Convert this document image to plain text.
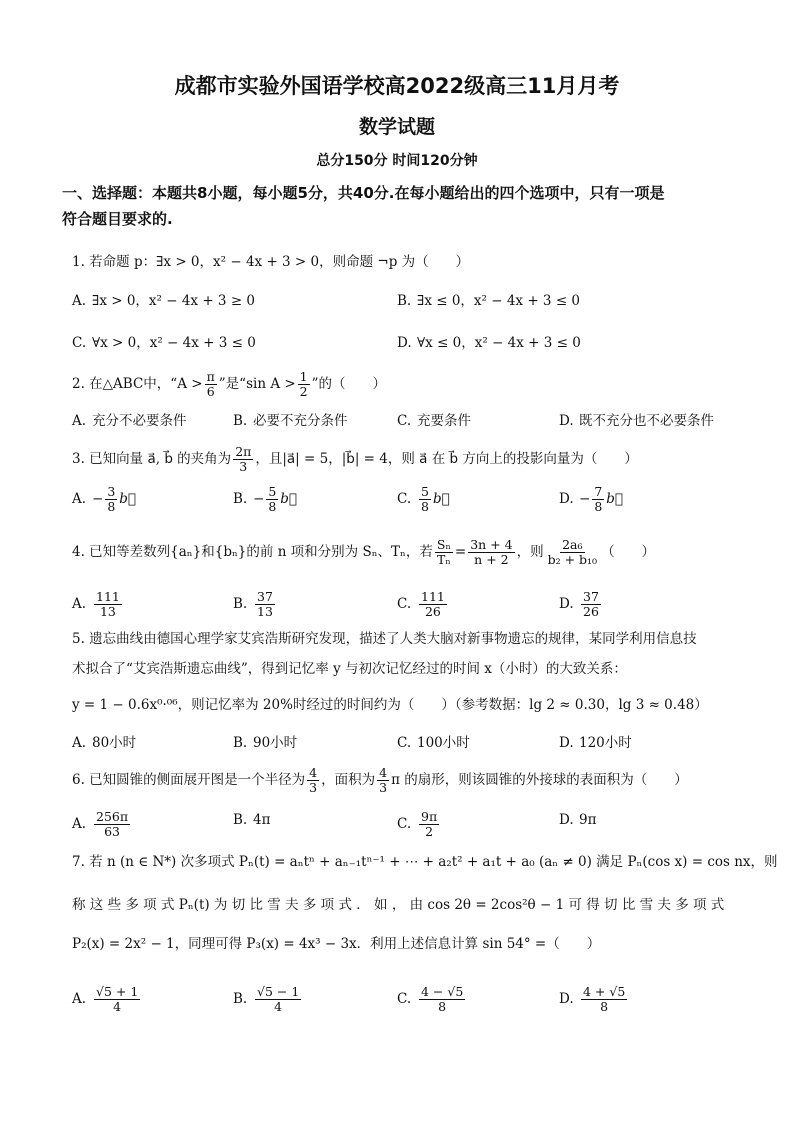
成都市实验外国语学校高2022级高三11月月考
数学试题
总分150分 时间120分钟
一、选择题：本题共8小题，每小题5分，共40分.在每小题给出的四个选项中，只有一项是
符合题目要求的.
1. 若命题 p：∃x > 0，x² − 4x + 3 > 0，则命题 ¬p 为（　　）
A. ∃x > 0，x² − 4x + 3 ≥ 0	B. ∃x ≤ 0，x² − 4x + 3 ≤ 0
C. ∀x > 0，x² − 4x + 3 ≤ 0	D. ∀x ≤ 0，x² − 4x + 3 ≤ 0
2. 在△ABC中，“$A > \frac{\pi}{6}$ ”是“sin $A > \frac{1}{2}$ ”的（　　）
A. 充分不必要条件	B. 必要不充分条件	C. 充要条件	D. 既不充分也不必要条件
3. 已知向量 a⃗, b⃗ 的夹角为 $\frac{2\pi}{3}$ ，且|a⃗| = 5，|b⃗| = 4，则 a⃗ 在 b⃗ 方向上的投影向量为（　　）
A. − $\frac{3}{8}$ b⃗	B. − $\frac{5}{8}$ b⃗	C. $\frac{5}{8}$ b⃗	D. − $\frac{7}{8}$ b⃗
4. 已知等差数列{aₙ}和{bₙ}的前 n 项和分别为 Sₙ、Tₙ，若 $\frac{\text{Sₙ}}{\text{Tₙ}} = \frac{3n + 4}{n + 2}$ ，则 $\frac{\text{2a₆}}{\text{b₂ + b₁₀}}$ （　　）
A. $\frac{111}{13}$	B. $\frac{37}{13}$	C. $\frac{111}{26}$	D. $\frac{37}{26}$
5. 遗忘曲线由德国心理学家艾宾浩斯研究发现，描述了人类大脑对新事物遗忘的规律，某同学利用信息技
术拟合了“艾宾浩斯遗忘曲线”，得到记忆率 y 与初次记忆经过的时间 x（小时）的大致关系：
y = 1 − 0.6x⁰·⁰⁶，则记忆率为 20%时经过的时间约为（　　）（参考数据：lg 2 ≈ 0.30，lg 3 ≈ 0.48）
A. 80小时	B. 90小时	C. 100小时	D. 120小时
6. 已知圆锥的侧面展开图是一个半径为 $\frac{4}{3}$ ，面积为 $\frac{4}{3}$ π 的扇形，则该圆锥的外接球的表面积为（　　）
A. $\frac{256\pi}{63}$	B. 4π	C. $\frac{9\pi}{2}$	D. 9π
7. 若 n (n ∈ N*) 次多项式 Pₙ(t) = aₙtⁿ + aₙ₋₁tⁿ⁻¹ + ⋯ + a₂t² + a₁t + a₀ (aₙ ≠ 0) 满足 Pₙ(cos x) = cos nx，则
称 这 些 多 项 式 Pₙ(t) 为 切 比 雪 夫 多 项 式 ． 如 ， 由 cos 2θ = 2cos²θ − 1 可 得 切 比 雪 夫 多 项 式
P₂(x) = 2x² − 1，同理可得 P₃(x) = 4x³ − 3x．利用上述信息计算 sin 54° =（　　）
A. $\frac{√5 + 1}{4}$	B. $\frac{√5 - 1}{4}$	C. $\frac{4 - √5}{8}$	D. $\frac{4 + √5}{8}$
